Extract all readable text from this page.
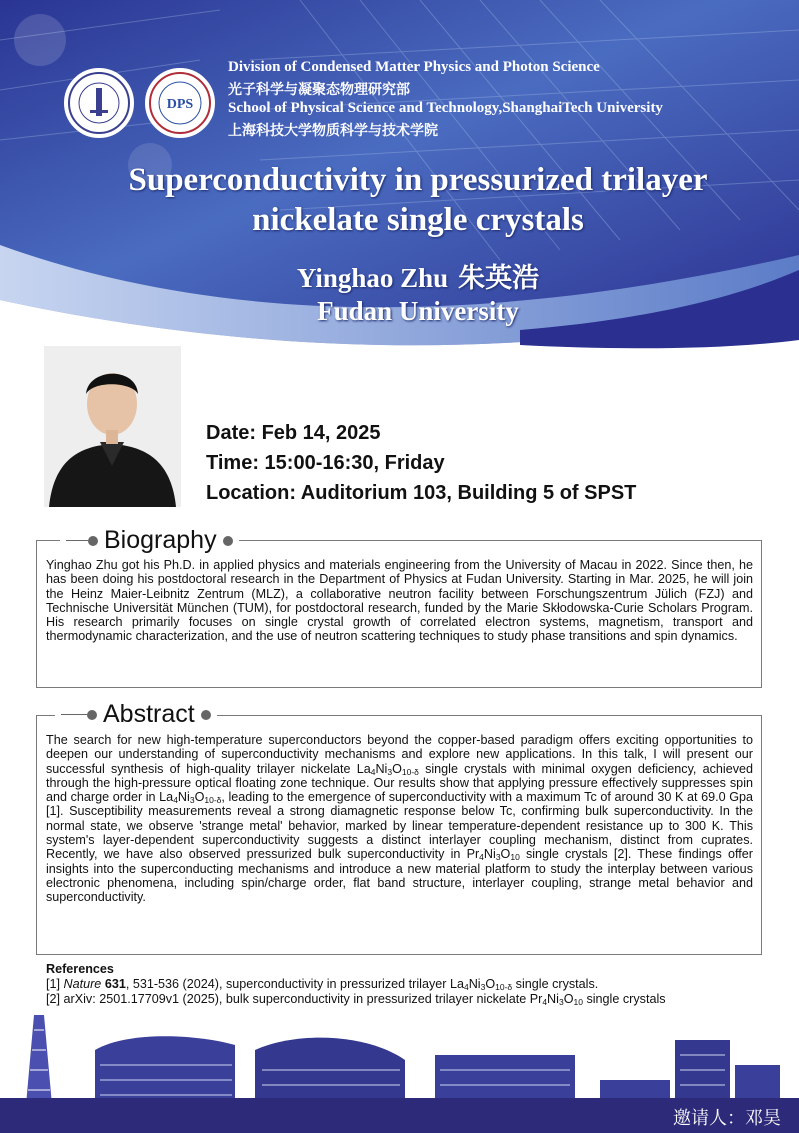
DPS
Division of Condensed Matter Physics and Photon Science
光子科学与凝聚态物理研究部
School of Physical Science and Technology,ShanghaiTech University
上海科技大学物质科学与技术学院
Superconductivity in pressurized trilayer
nickelate single crystals
Yinghao Zhu 朱英浩
Fudan University
Date: Feb 14, 2025
Time: 15:00-16:30, Friday
Location: Auditorium 103, Building 5 of SPST
Biography
Yinghao Zhu got his Ph.D. in applied physics and materials engineering from the University of Macau in 2022. Since then, he has been doing his postdoctoral research in the Department of Physics at Fudan University. Starting in Mar. 2025, he will join the Heinz Maier-Leibnitz Zentrum (MLZ), a collaborative neutron facility between Forschungszentrum Jülich (FZJ) and Technische Universität München (TUM), for postdoctoral research, funded by the Marie Skłodowska-Curie Scholars Program. His research primarily focuses on single crystal growth of correlated electron systems, magnetism, transport and thermodynamic characterization, and the use of neutron scattering techniques to study phase transitions and spin dynamics.
Abstract
The search for new high-temperature superconductors beyond the copper-based paradigm offers exciting opportunities to deepen our understanding of superconductivity mechanisms and explore new applications. In this talk, I will present our successful synthesis of high-quality trilayer nickelate $La_4Ni_3O_{10-\delta}$ single crystals with minimal oxygen deficiency, achieved through the high-pressure optical floating zone technique. Our results show that applying pressure effectively suppresses spin and charge order in $La_4Ni_3O_{10-\delta}$, leading to the emergence of superconductivity with a maximum Tc of around 30 K at 69.0 Gpa [1]. Susceptibility measurements reveal a strong diamagnetic response below Tc, confirming bulk superconductivity. In the normal state, we observe 'strange metal' behavior, marked by linear temperature-dependent resistance up to 300 K. This system's layer-dependent superconductivity suggests a distinct interlayer coupling mechanism, distinct from cuprates. Recently, we have also observed pressurized bulk superconductivity in $Pr_4Ni_3O_{10}$ single crystals [2]. These findings offer insights into the superconducting mechanisms and introduce a new material platform to study the interplay between various electronic phenomena, including spin/charge order, flat band structure, interlayer coupling, strange metal behavior and superconductivity.
References
[1] Nature 631, 531-536 (2024), superconductivity in pressurized trilayer $La_4Ni_3O_{10-\delta}$ single crystals.
[2] arXiv: 2501.17709v1 (2025), bulk superconductivity in pressurized trilayer nickelate $Pr_4Ni_3O_{10}$ single crystals
邀请人：邓昊
